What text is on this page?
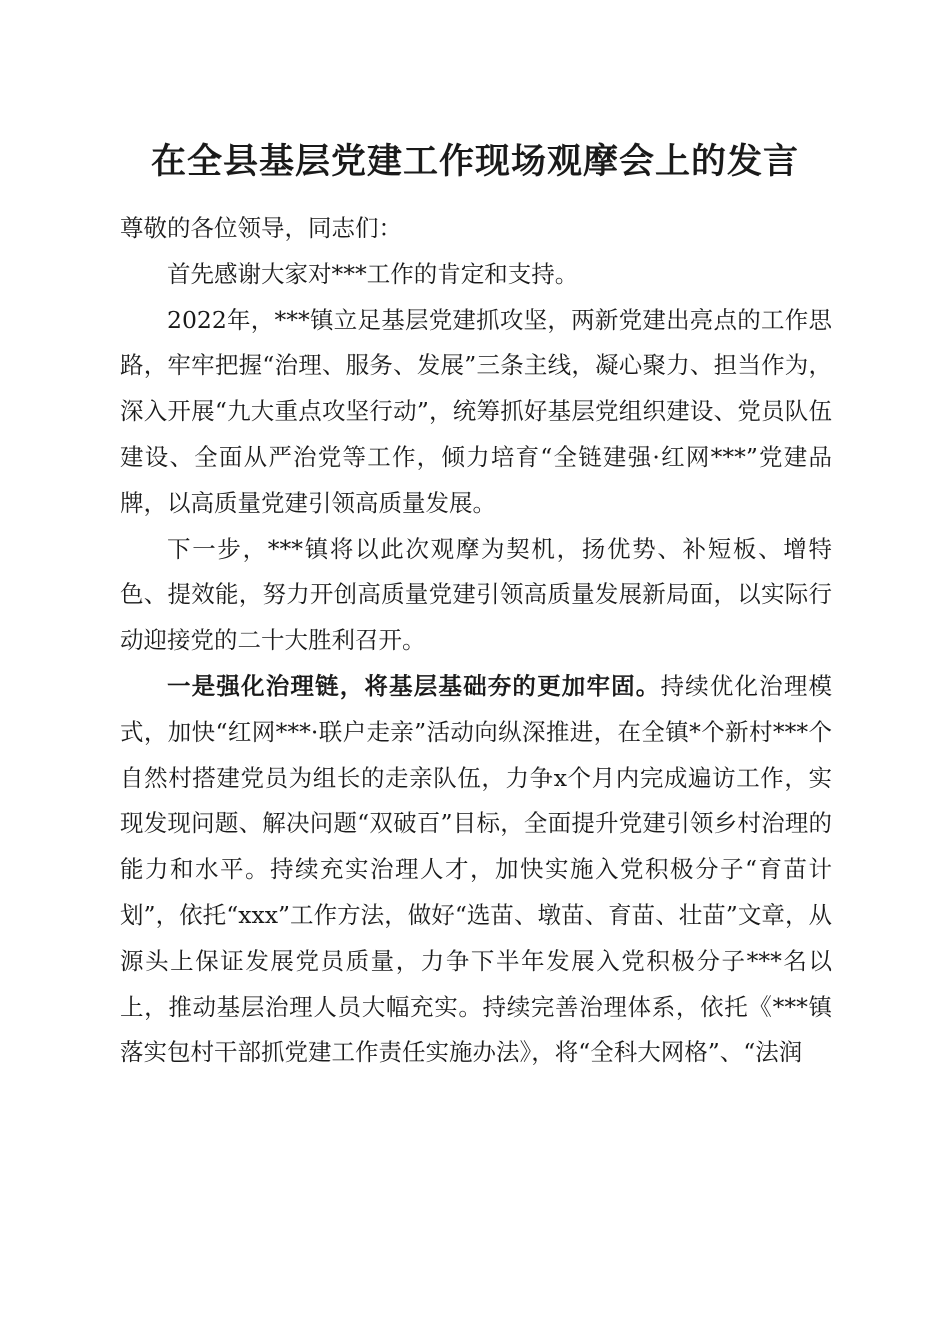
在全县基层党建工作现场观摩会上的发言

尊敬的各位领导，同志们：

首先感谢大家对***工作的肯定和支持。

2022年，***镇立足基层党建抓攻坚，两新党建出亮点的工作思路，牢牢把握“治理、服务、发展”三条主线，凝心聚力、担当作为，深入开展“九大重点攻坚行动”，统筹抓好基层党组织建设、党员队伍建设、全面从严治党等工作，倾力培育“全链建强·红网***”党建品牌，以高质量党建引领高质量发展。

下一步，***镇将以此次观摩为契机，扬优势、补短板、增特色、提效能，努力开创高质量党建引领高质量发展新局面，以实际行动迎接党的二十大胜利召开。

一是强化治理链，将基层基础夯的更加牢固。持续优化治理模式，加快“红网***·联户走亲”活动向纵深推进，在全镇*个新村***个自然村搭建党员为组长的走亲队伍，力争x个月内完成遍访工作，实现发现问题、解决问题“双破百”目标，全面提升党建引领乡村治理的能力和水平。持续充实治理人才，加快实施入党积极分子“育苗计划”，依托“xxx”工作方法，做好“选苗、墩苗、育苗、壮苗”文章，从源头上保证发展党员质量，力争下半年发展入党积极分子***名以上，推动基层治理人员大幅充实。持续完善治理体系，依托《***镇落实包村干部抓党建工作责任实施办法》，将“全科大网格”、“法润
